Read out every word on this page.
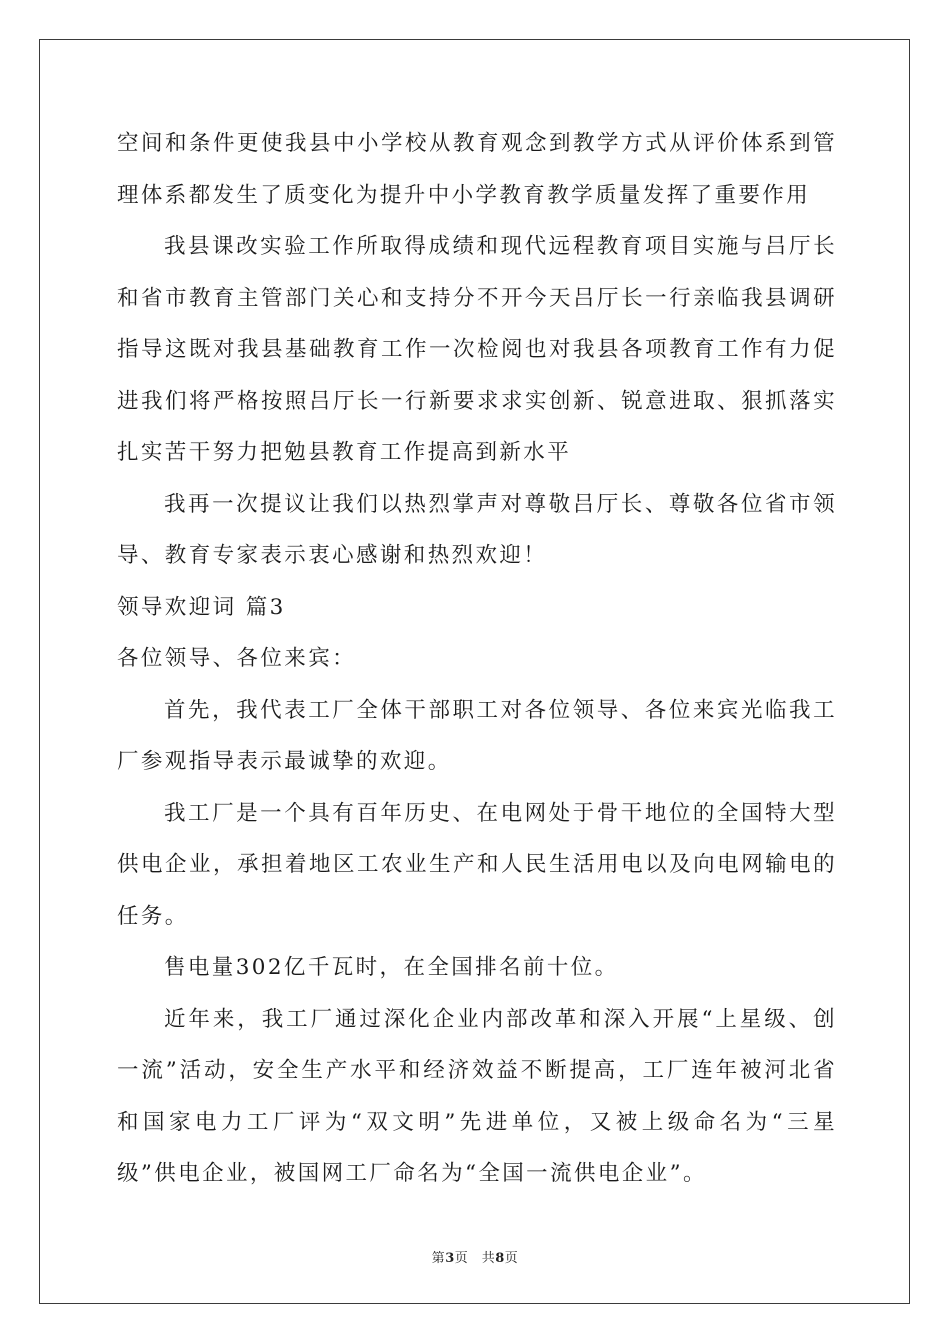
空间和条件更使我县中小学校从教育观念到教学方式从评价体系到管理体系都发生了质变化为提升中小学教育教学质量发挥了重要作用

我县课改实验工作所取得成绩和现代远程教育项目实施与吕厅长和省市教育主管部门关心和支持分不开今天吕厅长一行亲临我县调研指导这既对我县基础教育工作一次检阅也对我县各项教育工作有力促进我们将严格按照吕厅长一行新要求求实创新、锐意进取、狠抓落实扎实苦干努力把勉县教育工作提高到新水平

我再一次提议让我们以热烈掌声对尊敬吕厅长、尊敬各位省市领导、教育专家表示衷心感谢和热烈欢迎！

领导欢迎词 篇3

各位领导、各位来宾：

首先，我代表工厂全体干部职工对各位领导、各位来宾光临我工厂参观指导表示最诚挚的欢迎。

我工厂是一个具有百年历史、在电网处于骨干地位的全国特大型供电企业，承担着地区工农业生产和人民生活用电以及向电网输电的任务。

售电量302亿千瓦时，在全国排名前十位。

近年来，我工厂通过深化企业内部改革和深入开展“上星级、创一流”活动，安全生产水平和经济效益不断提高，工厂连年被河北省和国家电力工厂评为“双文明”先进单位，又被上级命名为“三星级”供电企业，被国网工厂命名为“全国一流供电企业”。

第3页　共8页
